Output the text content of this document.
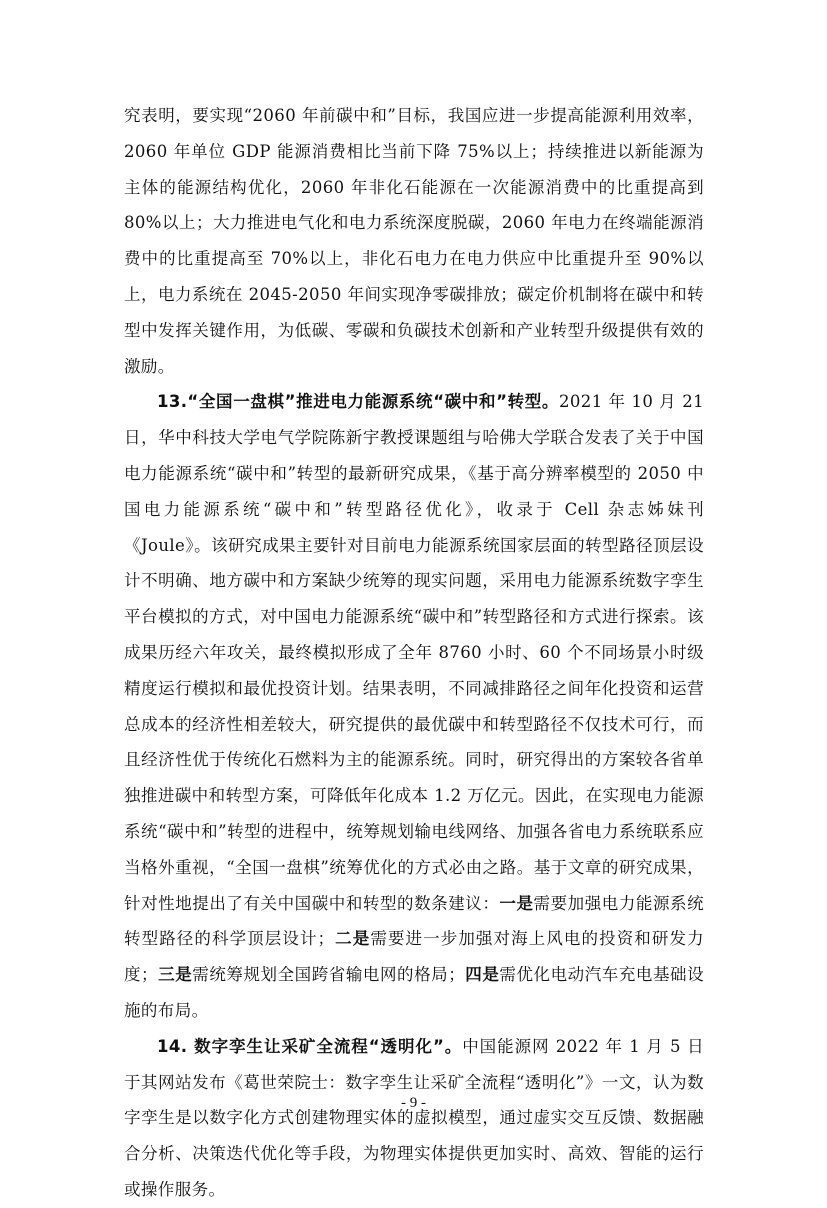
究表明，要实现“2060 年前碳中和”目标，我国应进一步提高能源利用效率，2060 年单位 GDP 能源消费相比当前下降 75%以上；持续推进以新能源为主体的能源结构优化，2060 年非化石能源在一次能源消费中的比重提高到 80%以上；大力推进电气化和电力系统深度脱碳，2060 年电力在终端能源消费中的比重提高至 70%以上，非化石电力在电力供应中比重提升至 90%以上，电力系统在 2045-2050 年间实现净零碳排放；碳定价机制将在碳中和转型中发挥关键作用，为低碳、零碳和负碳技术创新和产业转型升级提供有效的激励。

13.“全国一盘棋”推进电力能源系统“碳中和”转型。2021 年 10 月 21 日，华中科技大学电气学院陈新宇教授课题组与哈佛大学联合发表了关于中国电力能源系统“碳中和”转型的最新研究成果，《基于高分辨率模型的 2050 中国电力能源系统“碳中和”转型路径优化》，收录于 Cell 杂志姊妹刊《Joule》。该研究成果主要针对目前电力能源系统国家层面的转型路径顶层设计不明确、地方碳中和方案缺少统筹的现实问题，采用电力能源系统数字孪生平台模拟的方式，对中国电力能源系统“碳中和”转型路径和方式进行探索。该成果历经六年攻关，最终模拟形成了全年 8760 小时、60 个不同场景小时级精度运行模拟和最优投资计划。结果表明，不同减排路径之间年化投资和运营总成本的经济性相差较大，研究提供的最优碳中和转型路径不仅技术可行，而且经济性优于传统化石燃料为主的能源系统。同时，研究得出的方案较各省单独推进碳中和转型方案，可降低年化成本 1.2 万亿元。因此，在实现电力能源系统“碳中和”转型的进程中，统筹规划输电线网络、加强各省电力系统联系应当格外重视，“全国一盘棋”统筹优化的方式必由之路。基于文章的研究成果，针对性地提出了有关中国碳中和转型的数条建议：一是需要加强电力能源系统转型路径的科学顶层设计；二是需要进一步加强对海上风电的投资和研发力度；三是需统筹规划全国跨省输电网的格局；四是需优化电动汽车充电基础设施的布局。

14. 数字孪生让采矿全流程“透明化”。中国能源网 2022 年 1 月 5 日于其网站发布《葛世荣院士：数字孪生让采矿全流程“透明化”》一文，认为数字孪生是以数字化方式创建物理实体的虚拟模型，通过虚实交互反馈、数据融合分析、决策迭代优化等手段，为物理实体提供更加实时、高效、智能的运行或操作服务。

- 9 -
